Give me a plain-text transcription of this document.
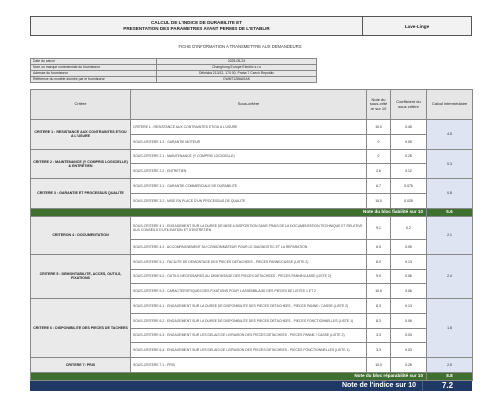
CALCUL DE L'INDICE DE DURABILITE ET
PRESENTATION DES PARAMETRES AYANT PERMIS DE L'ETABLIR	Lave-Linge
FICHE D'INFORMATION A TRANSMETTRE AUX DEMANDEURS
Date du calcul	2025-05-24	
Nom ou marque commerciale du fournisseur	Changhong Europe Electric s.r.o	
Adresse du fournisseur	Dělnická 213/12, 170 00, Praha 7 Czech Republic	
Référence du modèle donnée par le fournisseur	CWM71286ASAK	
Critère	Sous-critère	Note du sous-critè re sur 10	Coefficient du sous critère	Calcul intermédiaire
CRITERE 1 : RESISTANCE AUX CONTRAINTES ET/OU A L'USURE	CRITERE 1 : RESISTANCE AUX CONTRAINTES ET/OU A L'USURE	10.0	0.45	4.5
	SOUS-CRITERE 1.2 : GARANTIE MOTEUR	0	0.05	
CRITERE 2 : MAINTENANCE (Y COMPRIS LOGICIELLE) & ENTRETIEN	SOUS-CRITERE 2.1 : MAINTENANCE (Y COMPRIS LOGICIELLE)	0	0.28	0.3
	SOUS-CRITERE 2.2 : ENTRETIEN	2.6	0.12	
CRITERE 3 : GARANTIE ET PROCESSUS QUALITE	SOUS-CRITERE 3.1 : GARANTIE COMMERCIALE DE DURABILITE	6.7	0.075	0.8
	SOUS-CRITERE 3.2 : MISE EN PLACE D'UN PROCESSUS DE QUALITE	10.0	0.025	
Note du bloc fiabilité sur 10				5.6
CRITERON 4 : DOCUMENTATION	SOUS-CRITERE 4.1 : ENGAGEMENT SUR LA DUREE DE MISE A DISPOSITION SANS FRAIS DE LA DOCUMENTATION TECHNIQUE ET RELATIVE AUX CONSEILS D'UTILISATION ET D'ENTRETIEN	9.1	0.2	2.1
	SOUS-CRITERE 4.2 : ACCOMPAGNEMENT DU CONSOMMATEUR POUR LE DIAGNOSTIC ET LA REPARATION	6.0	0.05	
CRITERE 5 : DEMONTABILITE, ACCES, OUTILS, FIXATIONS	SOUS-CRITERE 5.1 : FACILITE DE DEMONTAGE DES PIECES DETACHEES - PIECES PANNE/CASSE (LISTE 2)	8.0	0.13	2.4
	SOUS-CRITERE 5.2 : OUTILS NECESSAIRES AU DEMONTAGE DES PIECES DETACHEES - PIECES PANNE/CASSE (LISTE 2)	9.0	0.06	
	SOUS-CRITERE 5.3 : CARACTERISTIQUES DES FIXATIONS POUR L'ASSEMBLAGE DES PIECES DE LISTES 1 ET 2	10.0	0.06	
CRITERE 6 : DISPONIBILITE DES PIECES DE TACHEES	SOUS-CRITERE 6.1 : ENGAGEMENT SUR LA DUREE DE DISPONIBILITE DES PIECES DETACHEES - PIECES PANNE / CASSE (LISTE 2)	8.3	0.13	1.8
	SOUS-CRITERE 6.2 : ENGAGEMENT SUR LA DUREE DE DISPONIBILITE DES PIECES DETACHEES - PIECES FONCTIONNELLES (LISTE 1)	8.3	0.06	
	SOUS-CRITERE 6.3 : ENGAGEMENT SUR LES DELAIS DE LIVRAISON DES PIECES DETACHEES - PIECES PANNE / CASSE (LISTE 2)	3.3	0.03	
	SOUS-CRITERE 6.4 : ENGAGEMENT SUR LES DELAIS DE LIVRAISON DES PIECES DETACHEES - PIECES FONCTIONNELLES (LISTE 1)	3.3	0.03	
CRITERE 7: PRIX	SOUS-CRITERE 7.1 : PRIX	10.0	0.25	2.5
Note du bloc réparabilité sur 10				8.8
Note de l'indice sur 10	7.2
